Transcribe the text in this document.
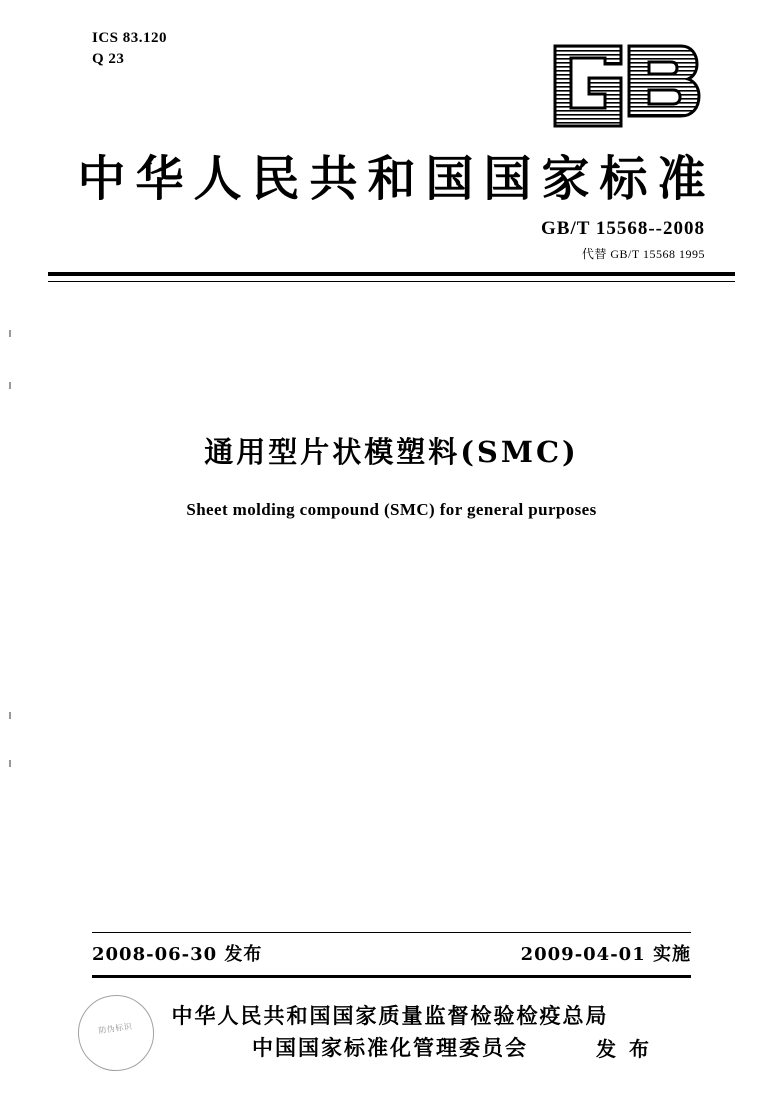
ICS 83.120
Q 23
中华人民共和国国家标准
GB/T 15568--2008
代替 GB/T 15568 1995
通用型片状模塑料(SMC)
Sheet molding compound (SMC) for general purposes
2008-06-30 发布	2009-04-01 实施
中华人民共和国国家质量监督检验检疫总局
中国国家标准化管理委员会	发 布
防伪标识
